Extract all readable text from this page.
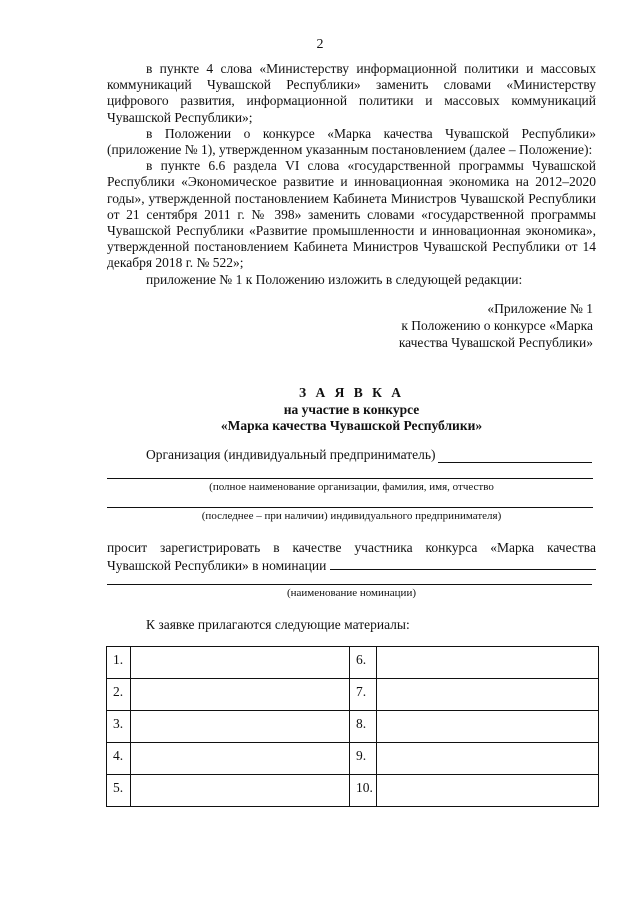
2

в пункте 4 слова «Министерству информационной политики и массовых коммуникаций Чувашской Республики» заменить словами «Министерству цифрового развития, информационной политики и массовых коммуникаций Чувашской Республики»;

в Положении о конкурсе «Марка качества Чувашской Республики» (приложение № 1), утвержденном указанным постановлением (далее – Положение):

в пункте 6.6 раздела VI слова «государственной программы Чувашской Республики «Экономическое развитие и инновационная экономика на 2012–2020 годы», утвержденной постановлением Кабинета Министров Чувашской Республики от 21 сентября 2011 г. № 398» заменить словами «государственной программы Чувашской Республики «Развитие промышленности и инновационная экономика», утвержденной постановлением Кабинета Министров Чувашской Республики от 14 декабря 2018 г. № 522»;

приложение № 1 к Положению изложить в следующей редакции:

«Приложение № 1
к Положению о конкурсе «Марка
качества Чувашской Республики»
З А Я В К А
на участие в конкурсе
«Марка качества Чувашской Республики»
Организация (индивидуальный предприниматель)
(полное наименование организации, фамилия, имя, отчество
(последнее – при наличии) индивидуального предпринимателя)
просит зарегистрировать в качестве участника конкурса «Марка качества Чувашской Республики» в номинации
(наименование номинации)
К заявке прилагаются следующие материалы:
1.		6.	
2.		7.	
3.		8.	
4.		9.	
5.		10.	
